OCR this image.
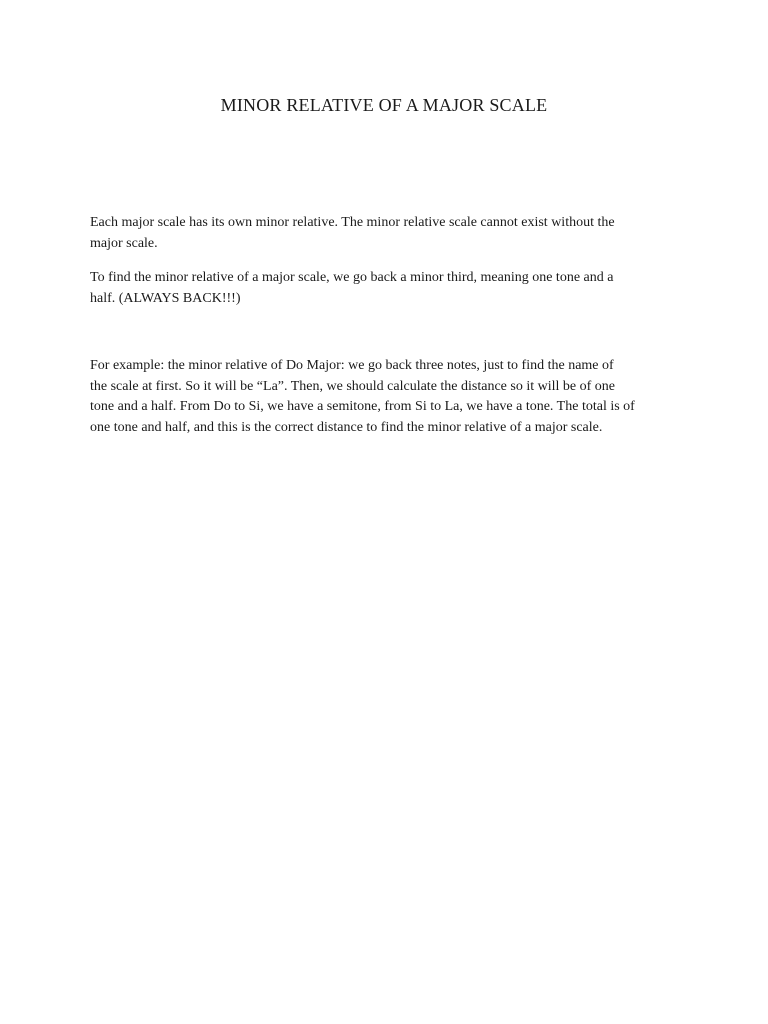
MINOR RELATIVE OF A MAJOR SCALE

Each major scale has its own minor relative. The minor relative scale cannot exist without the
major scale.

To find the minor relative of a major scale, we go back a minor third, meaning one tone and a
half. (ALWAYS BACK!!!)

For example: the minor relative of Do Major: we go back three notes, just to find the name of
the scale at first. So it will be “La”. Then, we should calculate the distance so it will be of one
tone and a half. From Do to Si, we have a semitone, from Si to La, we have a tone. The total is of
one tone and half, and this is the correct distance to find the minor relative of a major scale.
